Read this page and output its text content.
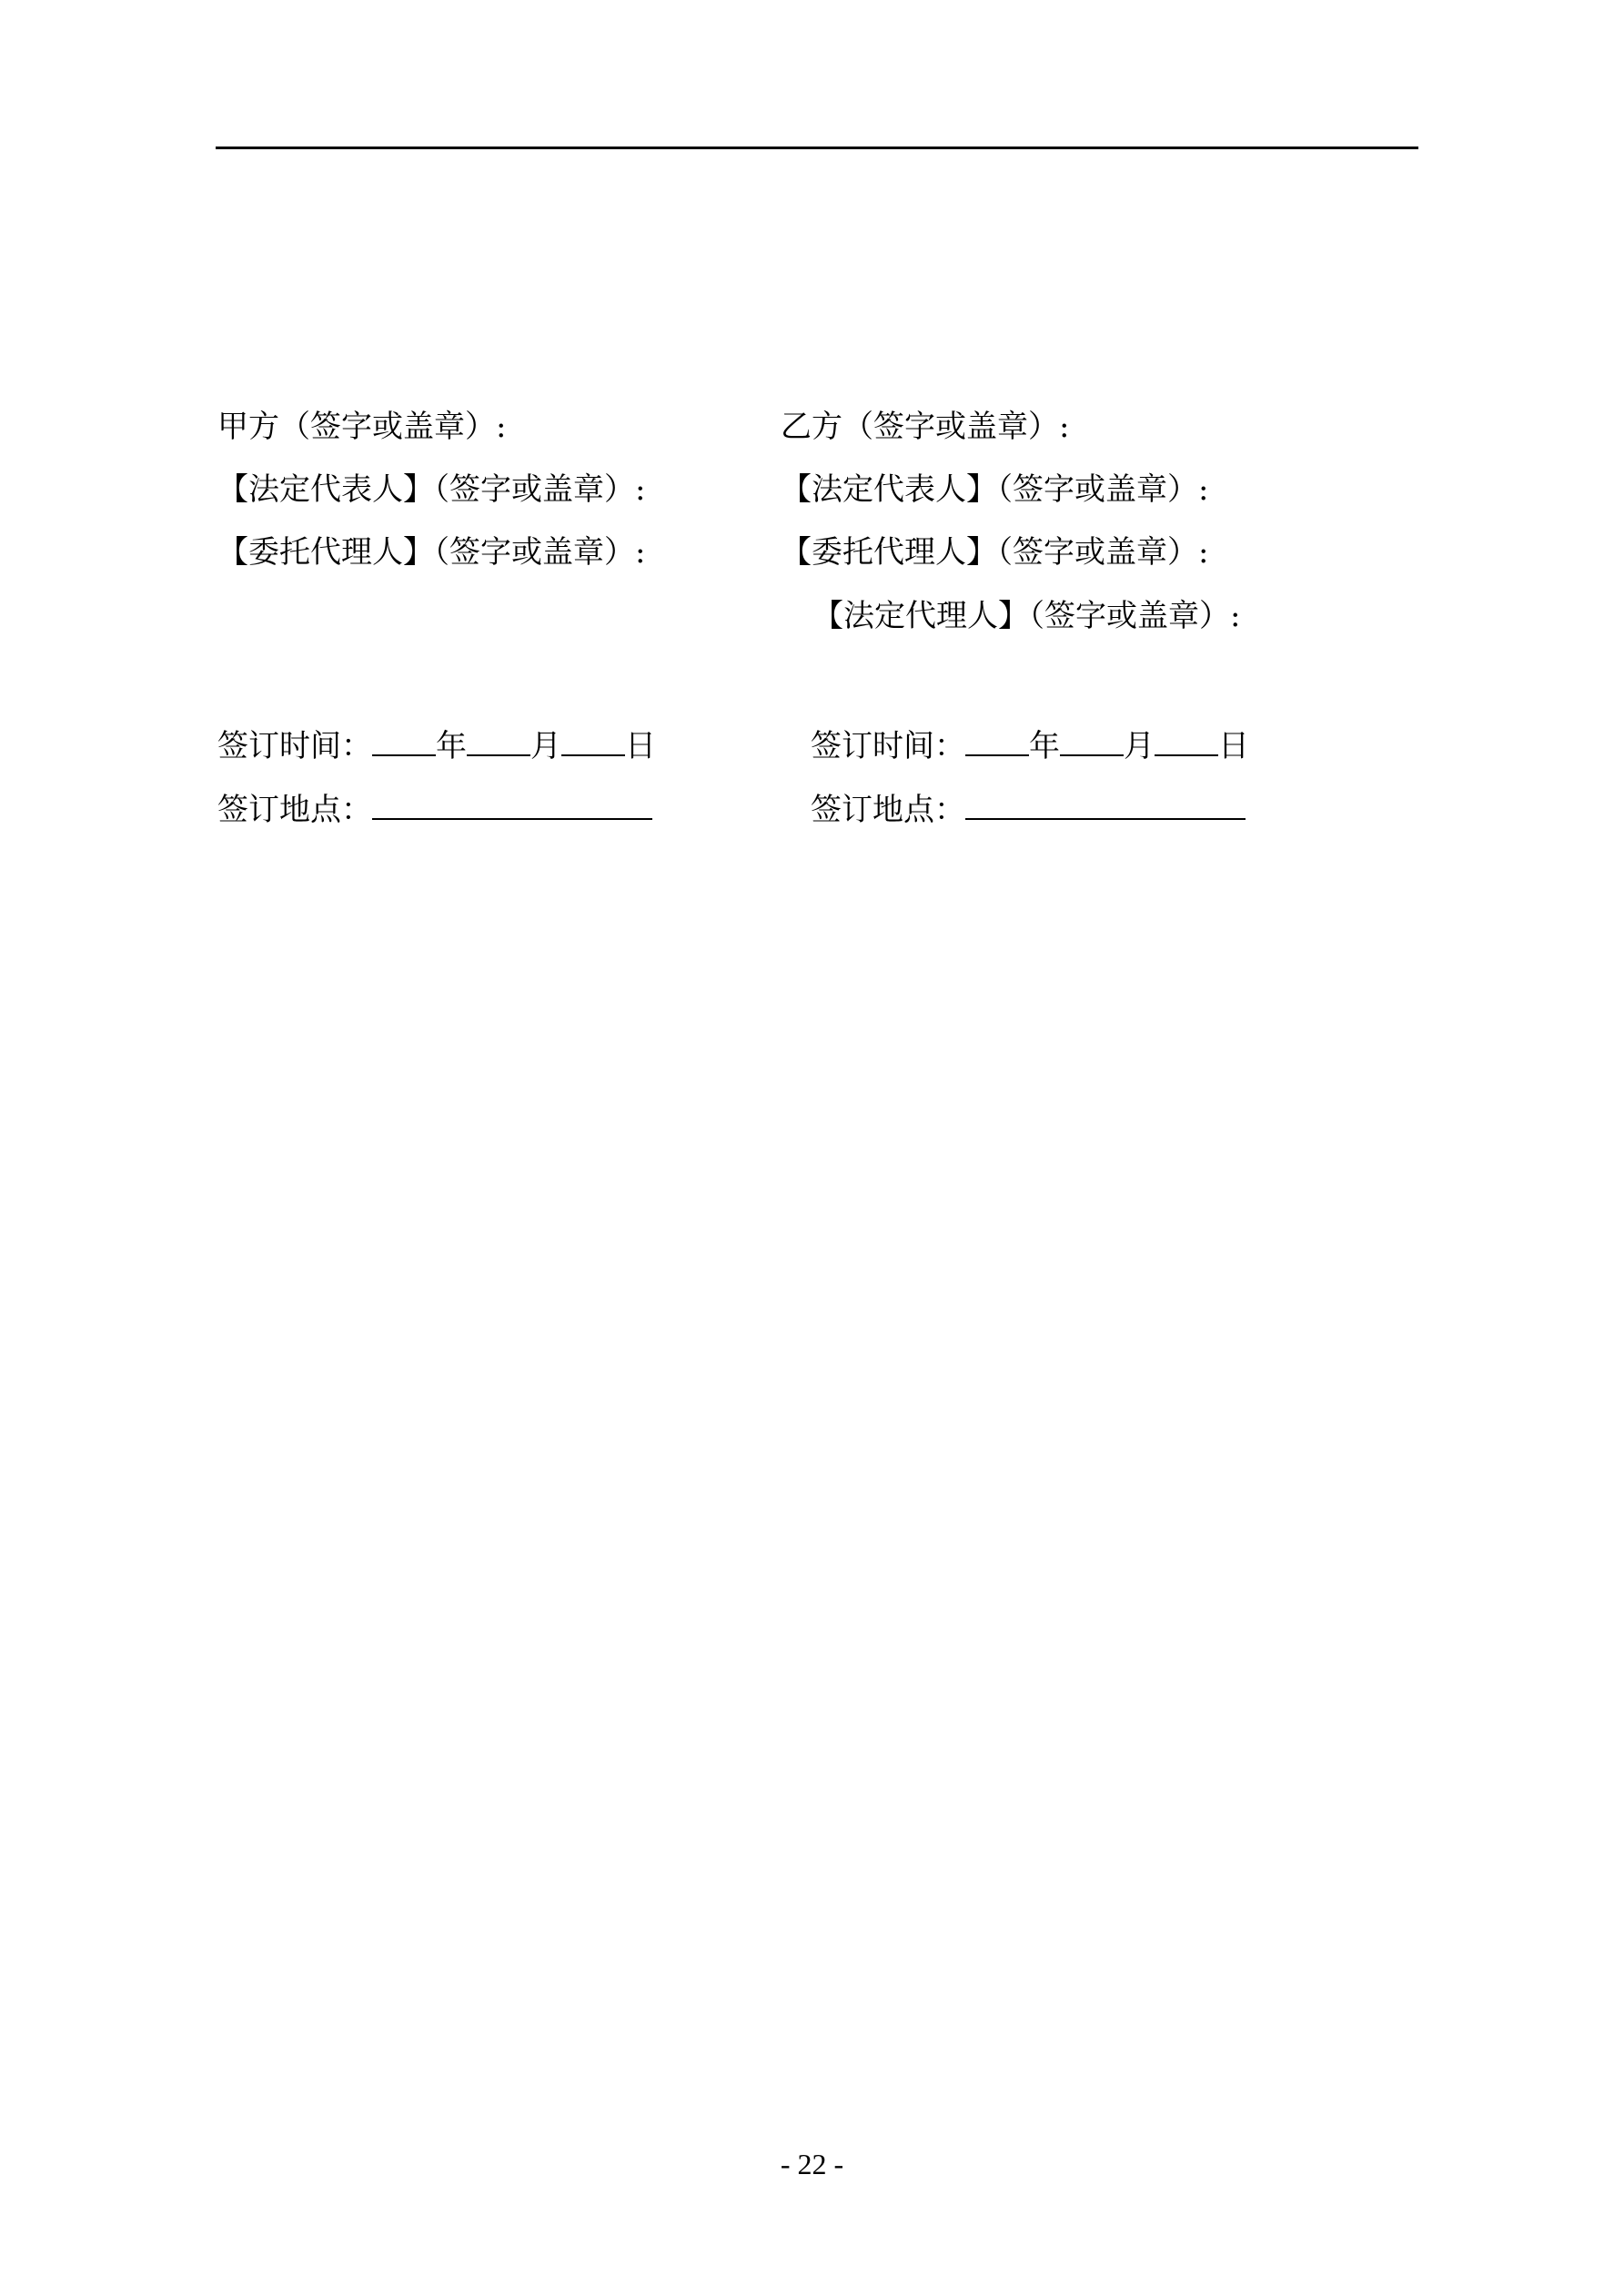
甲方（签字或盖章）:
【法定代表人】（签字或盖章）:
【委托代理人】（签字或盖章）:
签订时间： 年 月 日
签订地点：
乙方（签字或盖章）:
【法定代表人】（签字或盖章）:
【委托代理人】（签字或盖章）:
【法定代理人】（签字或盖章）:
签订时间： 年 月 日
签订地点：
- 22 -
